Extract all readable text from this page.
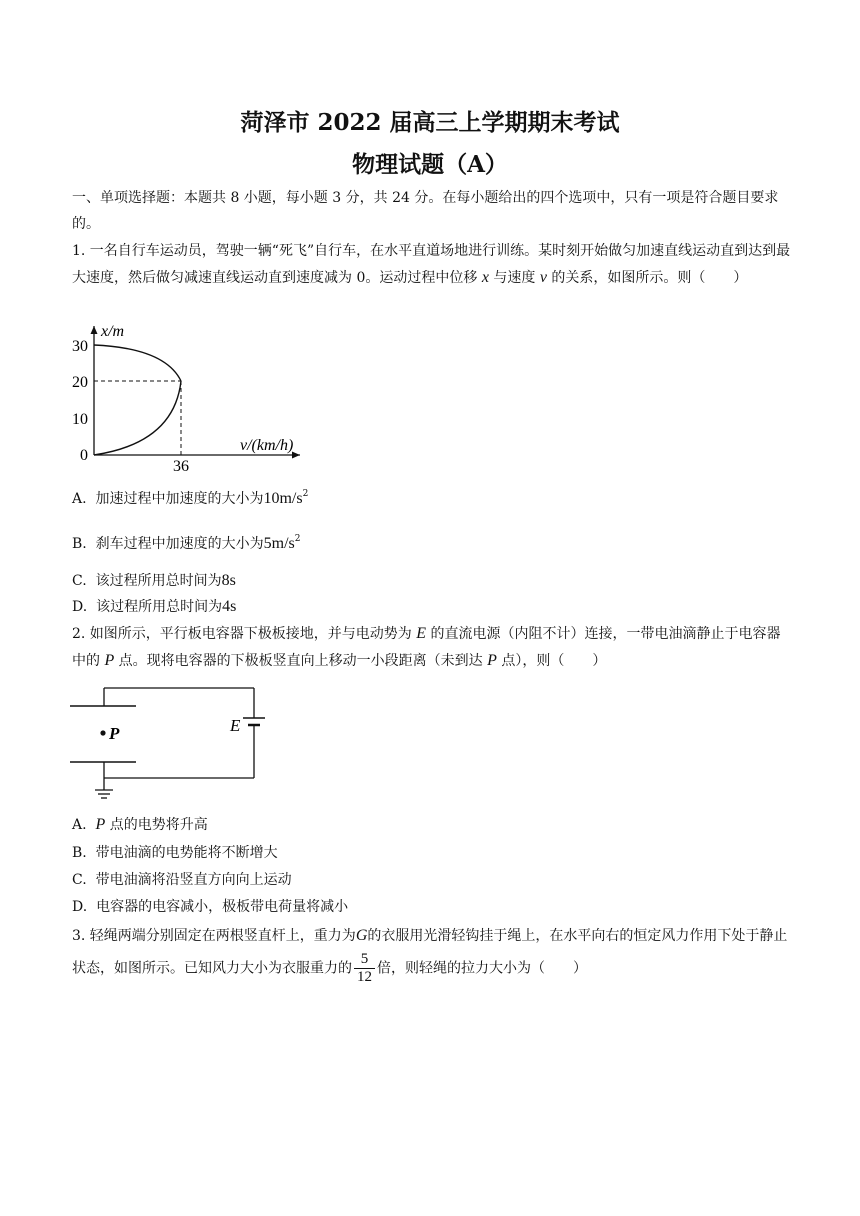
菏泽市 2022 届高三上学期期末考试
物理试题（A）
一、单项选择题：本题共 8 小题，每小题 3 分，共 24 分。在每小题给出的四个选项中，只有一项是符合题目要求的。
1. 一名自行车运动员，驾驶一辆“死飞”自行车，在水平直道场地进行训练。某时刻开始做匀加速直线运动直到达到最大速度，然后做匀减速直线运动直到速度减为 0。运动过程中位移 x 与速度 v 的关系，如图所示。则（　　）
x/m
v/(km/h)
30
20
10
0
36
A. 加速过程中加速度的大小为$10m/s^2$
B. 刹车过程中加速度的大小为$5m/s^2$
C. 该过程所用总时间为8s
D. 该过程所用总时间为4s
2. 如图所示，平行板电容器下极板接地，并与电动势为 E 的直流电源（内阻不计）连接，一带电油滴静止于电容器中的 P 点。现将电容器的下极板竖直向上移动一小段距离（未到达 P 点），则（　　）
P	E
A. P 点的电势将升高
B. 带电油滴的电势能将不断增大
C. 带电油滴将沿竖直方向向上运动
D. 电容器的电容减小，极板带电荷量将减小
3. 轻绳两端分别固定在两根竖直杆上，重力为G的衣服用光滑轻钩挂于绳上，在水平向右的恒定风力作用下处于静止状态，如图所示。已知风力大小为衣服重力的 $\frac{5}{12}$ 倍，则轻绳的拉力大小为（　　）
